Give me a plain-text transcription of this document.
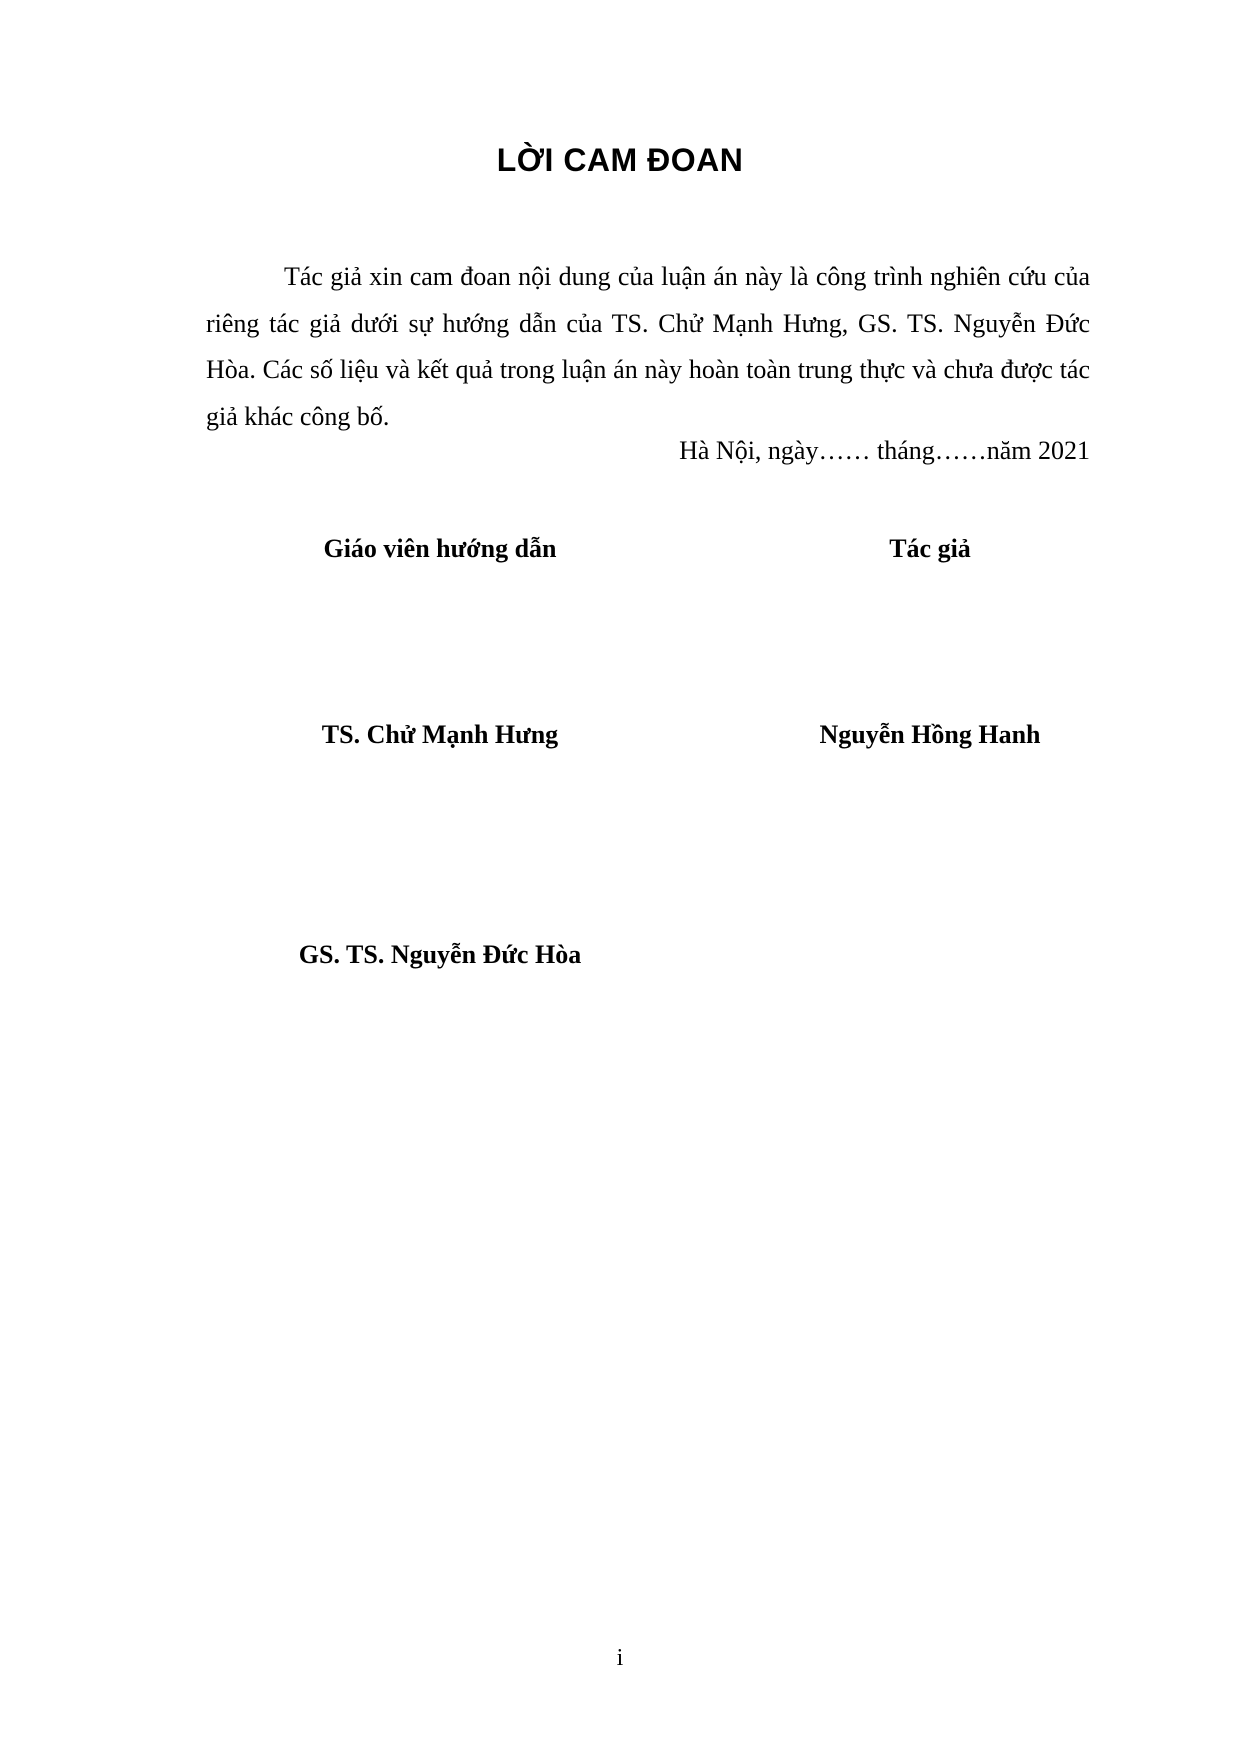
LỜI CAM ĐOAN
Tác giả xin cam đoan nội dung của luận án này là công trình nghiên cứu của riêng tác giả dưới sự hướng dẫn của TS. Chử Mạnh Hưng, GS. TS. Nguyễn Đức Hòa. Các số liệu và kết quả trong luận án này hoàn toàn trung thực và chưa được tác giả khác công bố.
Hà Nội, ngày…… tháng……năm 2021
Giáo viên hướng dẫn	Tác giả
TS. Chử Mạnh Hưng	Nguyễn Hồng Hanh
GS. TS. Nguyễn Đức Hòa
i
